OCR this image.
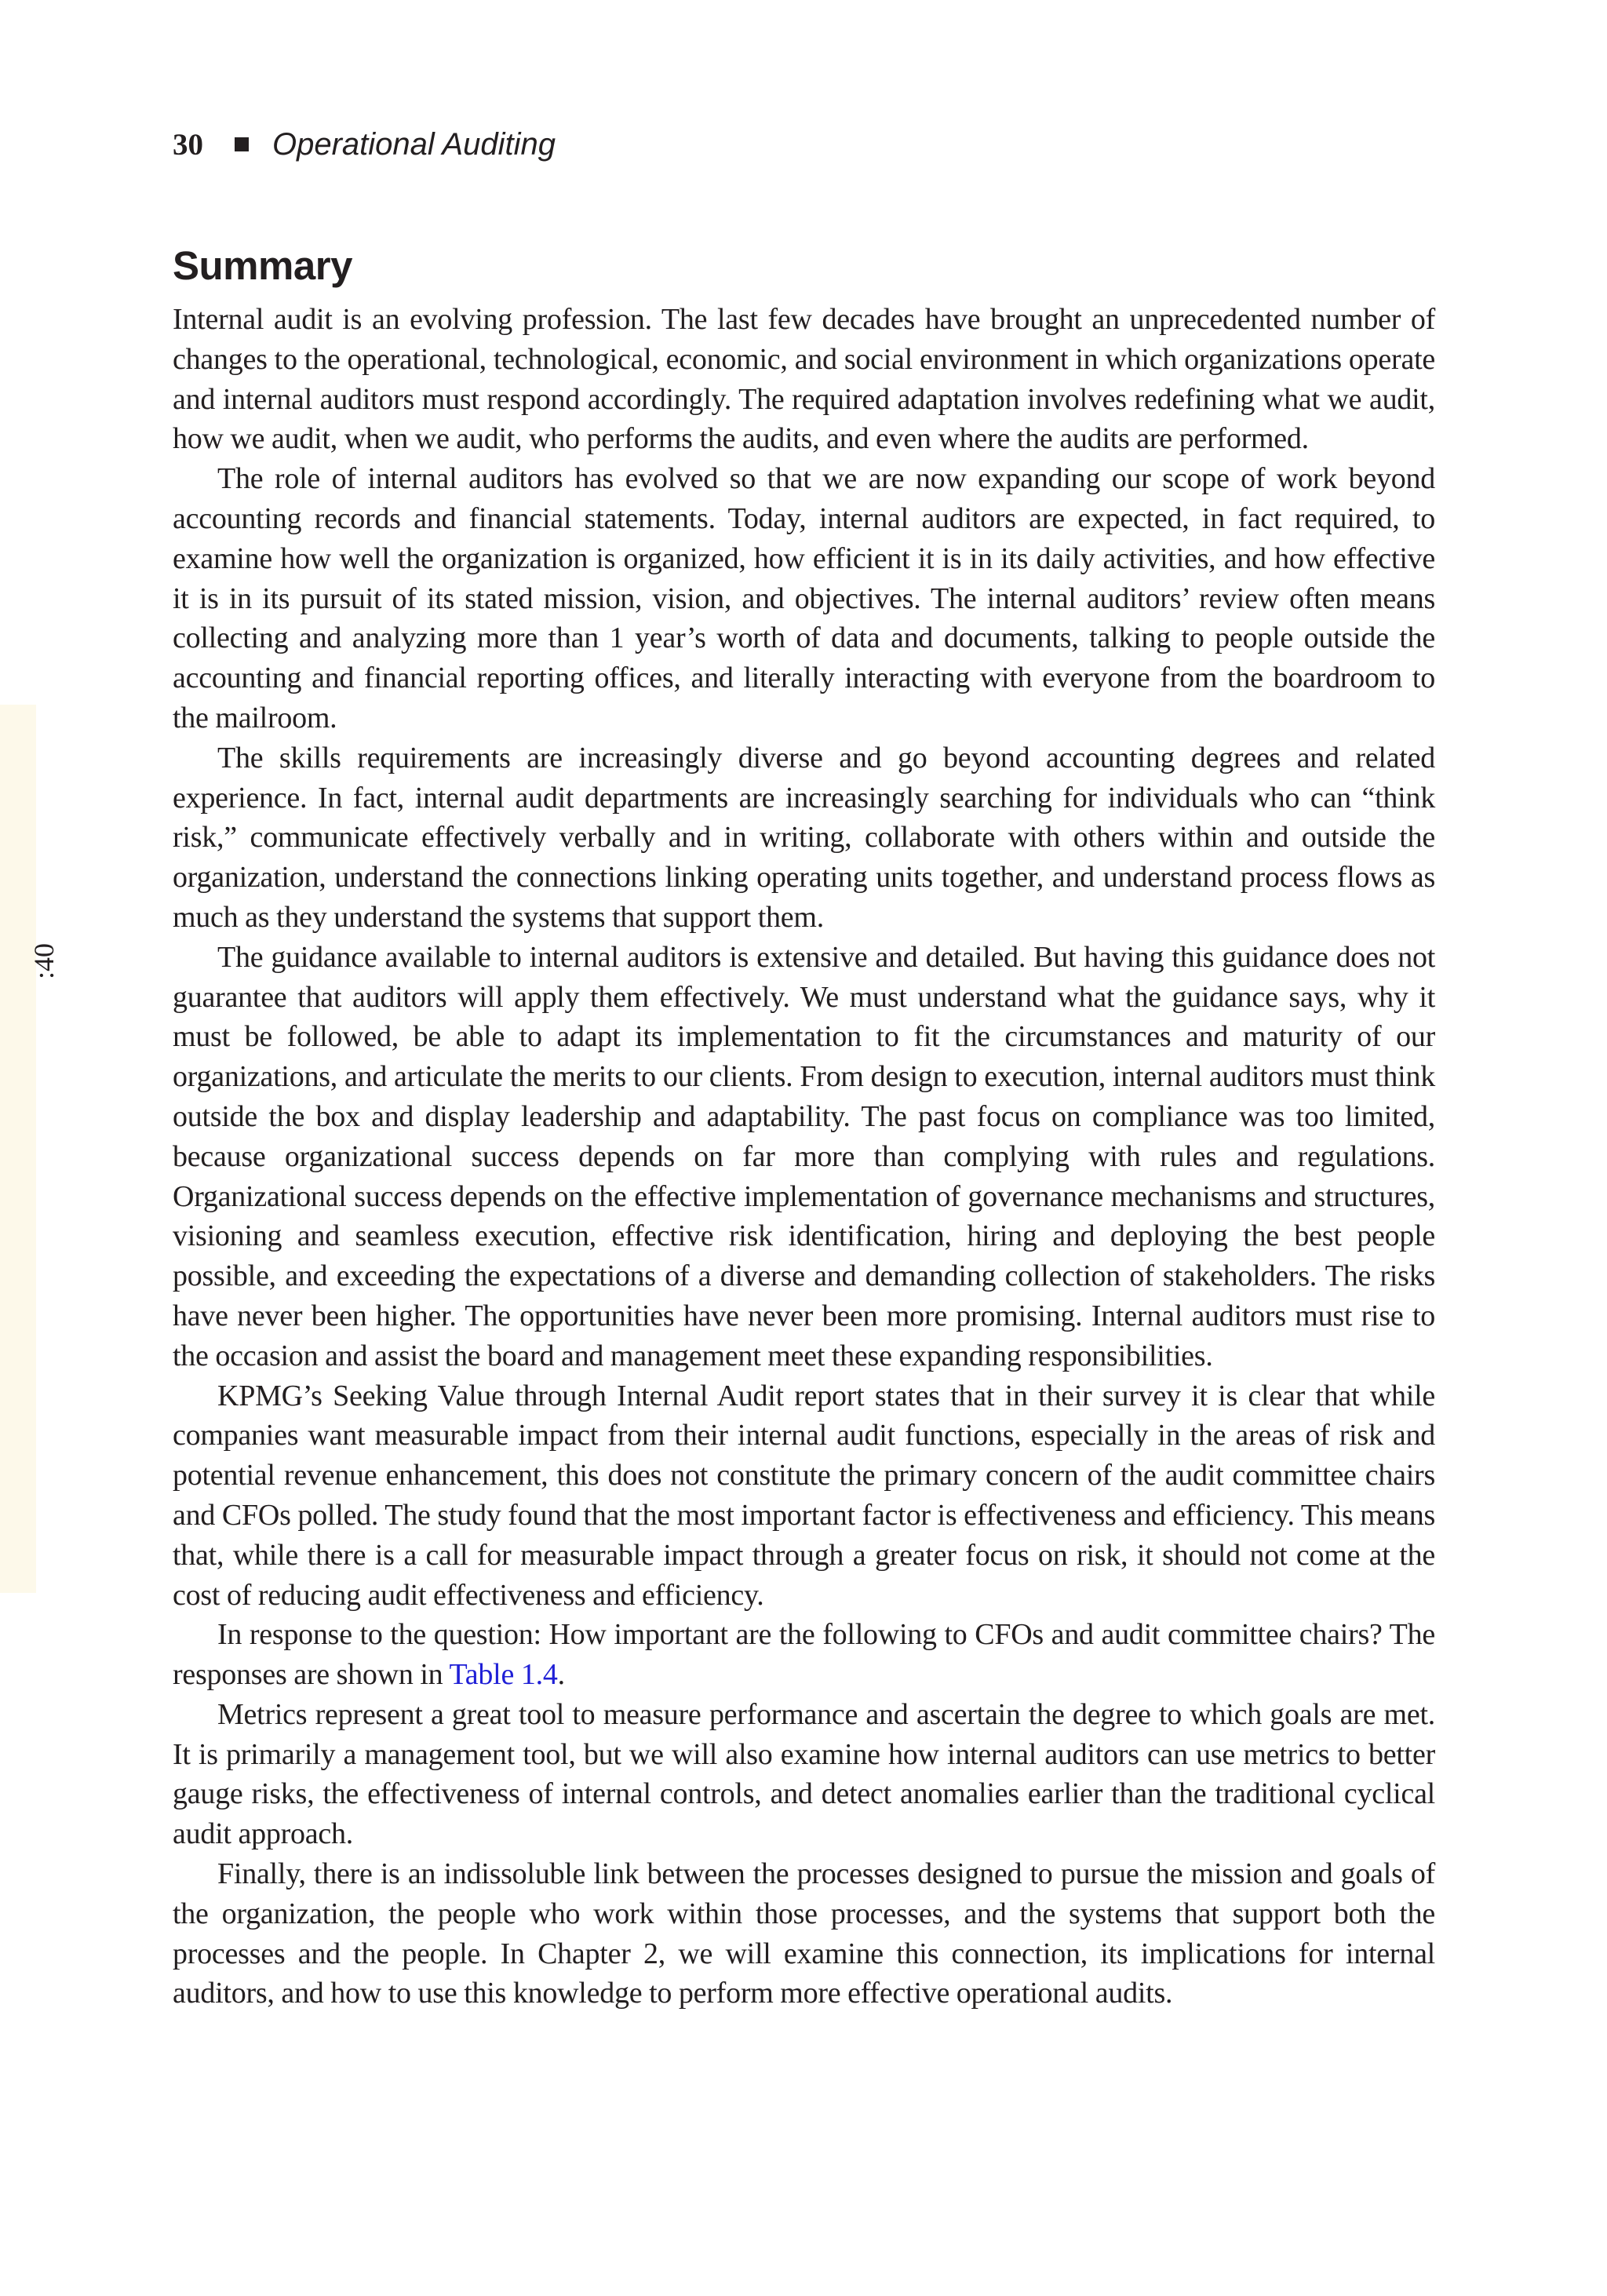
:40
30 Operational Auditing
Summary

Internal audit is an evolving profession. The last few decades have brought an unprecedented number of changes to the operational, technological, economic, and social environment in which organizations operate and internal auditors must respond accordingly. The required adaptation involves redefining what we audit, how we audit, when we audit, who performs the audits, and even where the audits are performed.

The role of internal auditors has evolved so that we are now expanding our scope of work beyond accounting records and financial statements. Today, internal auditors are expected, in fact required, to examine how well the organization is organized, how efficient it is in its daily activities, and how effective it is in its pursuit of its stated mission, vision, and objectives. The internal auditors’ review often means collecting and analyzing more than 1 year’s worth of data and documents, talking to people outside the accounting and financial reporting offices, and literally interacting with everyone from the boardroom to the mailroom.

The skills requirements are increasingly diverse and go beyond accounting degrees and related experience. In fact, internal audit departments are increasingly searching for individuals who can “think risk,” communicate effectively verbally and in writing, collaborate with others within and outside the organization, understand the connections linking operating units together, and understand process flows as much as they understand the systems that support them.

The guidance available to internal auditors is extensive and detailed. But having this guidance does not guarantee that auditors will apply them effectively. We must understand what the guidance says, why it must be followed, be able to adapt its implementation to fit the circumstances and maturity of our organizations, and articulate the merits to our clients. From design to execution, internal auditors must think outside the box and display leadership and adaptability. The past focus on compliance was too limited, because organizational success depends on far more than complying with rules and regulations. Organizational success depends on the effective implementation of governance mechanisms and structures, visioning and seamless execution, effective risk identification, hiring and deploying the best people possible, and exceeding the expectations of a diverse and demanding collection of stakeholders. The risks have never been higher. The opportunities have never been more promising. Internal auditors must rise to the occasion and assist the board and management meet these expanding responsibilities.

KPMG’s Seeking Value through Internal Audit report states that in their survey it is clear that while companies want measurable impact from their internal audit functions, especially in the areas of risk and potential revenue enhancement, this does not constitute the primary concern of the audit committee chairs and CFOs polled. The study found that the most important factor is effectiveness and efficiency. This means that, while there is a call for measurable impact through a greater focus on risk, it should not come at the cost of reducing audit effectiveness and efficiency.

In response to the question: How important are the following to CFOs and audit committee chairs? The responses are shown in Table 1.4.

Metrics represent a great tool to measure performance and ascertain the degree to which goals are met. It is primarily a management tool, but we will also examine how internal auditors can use metrics to better gauge risks, the effectiveness of internal controls, and detect anomalies earlier than the traditional cyclical audit approach.

Finally, there is an indissoluble link between the processes designed to pursue the mission and goals of the organization, the people who work within those processes, and the systems that support both the processes and the people. In Chapter 2, we will examine this connection, its implications for internal auditors, and how to use this knowledge to perform more effective operational audits.
